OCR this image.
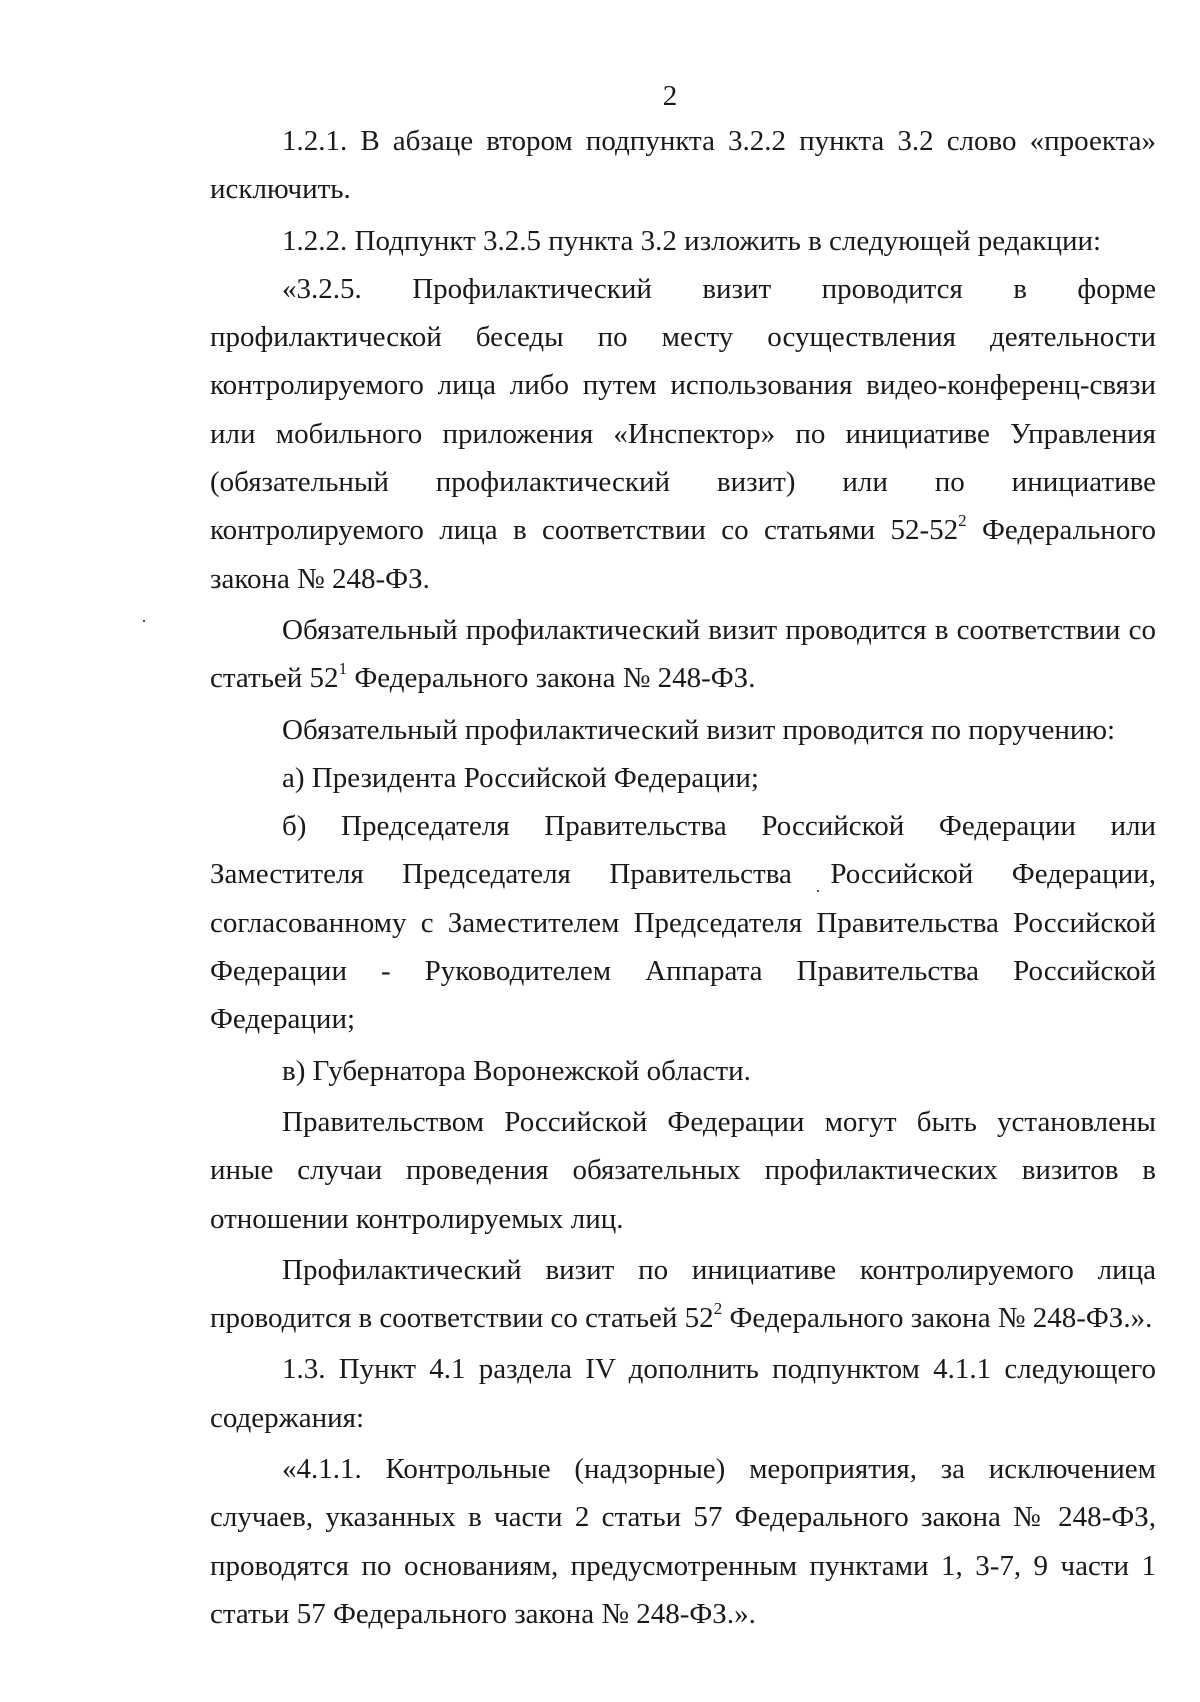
2

1.2.1. В абзаце втором подпункта 3.2.2 пункта 3.2 слово «проекта» исключить.

1.2.2. Подпункт 3.2.5 пункта 3.2 изложить в следующей редакции:

«3.2.5. Профилактический визит проводится в форме профилактической беседы по месту осуществления деятельности контролируемого лица либо путем использования видео-конференц-связи или мобильного приложения «Инспектор» по инициативе Управления (обязательный профилактический визит) или по инициативе контролируемого лица в соответствии со статьями $52-52^2$ Федерального закона № 248-ФЗ.

Обязательный профилактический визит проводится в соответствии со статьей $52^1$ Федерального закона № 248-ФЗ.

Обязательный профилактический визит проводится по поручению:

а) Президента Российской Федерации;

б) Председателя Правительства Российской Федерации или Заместителя Председателя Правительства Российской Федерации, согласованному с Заместителем Председателя Правительства Российской Федерации - Руководителем Аппарата Правительства Российской Федерации;

в) Губернатора Воронежской области.

Правительством Российской Федерации могут быть установлены иные случаи проведения обязательных профилактических визитов в отношении контролируемых лиц.

Профилактический визит по инициативе контролируемого лица проводится в соответствии со статьей $52^2$ Федерального закона № 248-ФЗ.».

1.3. Пункт 4.1 раздела IV дополнить подпунктом 4.1.1 следующего содержания:

«4.1.1. Контрольные (надзорные) мероприятия, за исключением случаев, указанных в части 2 статьи 57 Федерального закона № 248-ФЗ, проводятся по основаниям, предусмотренным пунктами 1, 3-7, 9 части 1 статьи 57 Федерального закона № 248-ФЗ.».
